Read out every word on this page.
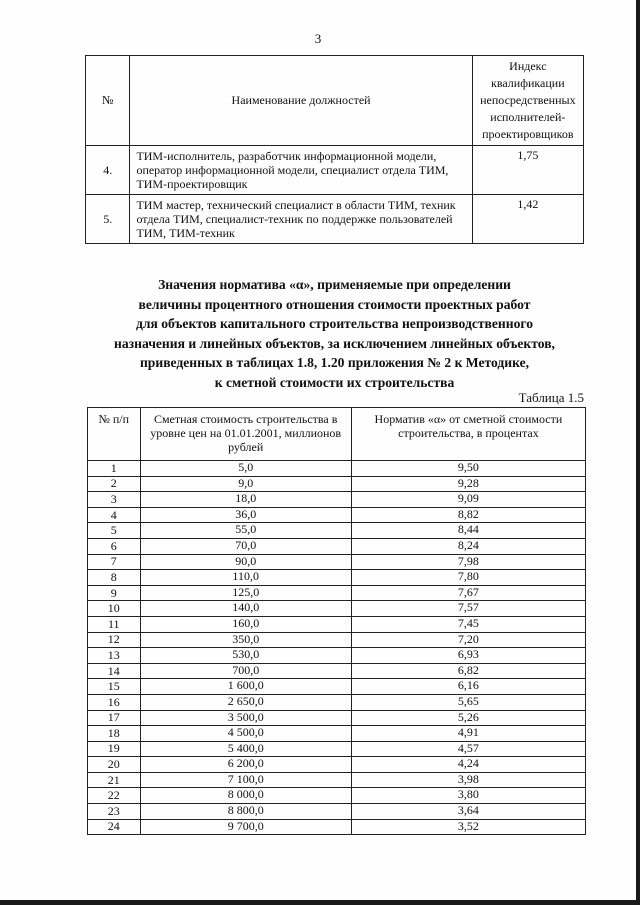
3
№	Наименование должностей	Индекс квалификации непосредственных исполнителей-проектировщиков
4.	ТИМ-исполнитель, разработчик информационной модели, оператор информационной модели, специалист отдела ТИМ, ТИМ-проектировщик	1,75
5.	ТИМ мастер, технический специалист в области ТИМ, техник отдела ТИМ, специалист-техник по поддержке пользователей ТИМ, ТИМ-техник	1,42
Значения норматива «α», применяемые при определении
величины процентного отношения стоимости проектных работ
для объектов капитального строительства непроизводственного
назначения и линейных объектов, за исключением линейных объектов,
приведенных в таблицах 1.8, 1.20 приложения № 2 к Методике,
к сметной стоимости их строительства
Таблица 1.5
№ п/п	Сметная стоимость строительства в уровне цен на 01.01.2001, миллионов рублей	Норматив «α» от сметной стоимости строительства, в процентах
1	5,0	9,50
2	9,0	9,28
3	18,0	9,09
4	36,0	8,82
5	55,0	8,44
6	70,0	8,24
7	90,0	7,98
8	110,0	7,80
9	125,0	7,67
10	140,0	7,57
11	160,0	7,45
12	350,0	7,20
13	530,0	6,93
14	700,0	6,82
15	1 600,0	6,16
16	2 650,0	5,65
17	3 500,0	5,26
18	4 500,0	4,91
19	5 400,0	4,57
20	6 200,0	4,24
21	7 100,0	3,98
22	8 000,0	3,80
23	8 800,0	3,64
24	9 700,0	3,52
